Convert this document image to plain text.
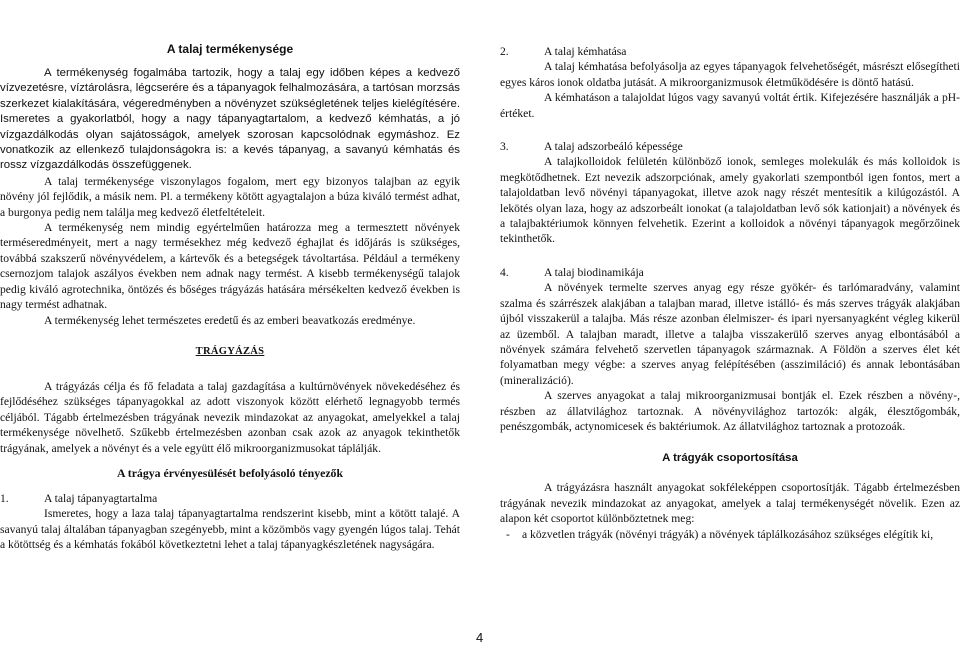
A talaj termékenysége

A termékenység fogalmába tartozik, hogy a talaj egy időben képes a kedvező vízvezetésre, víztárolásra, légcserére és a tápanyagok felhalmozására, a tartósan morzsás szerkezet kialakítására, végeredményben a növényzet szükségletének teljes kielégítésére. Ismeretes a gyakorlatból, hogy a nagy tápanyagtartalom, a kedvező kémhatás, a jó vízgazdálkodás olyan sajátosságok, amelyek szorosan kapcsolódnak egymáshoz. Ez vonatkozik az ellenkező tulajdonságokra is: a kevés tápanyag, a savanyú kémhatás és rossz vízgazdálkodás összefüggenek.

A talaj termékenysége viszonylagos fogalom, mert egy bizonyos talajban az egyik növény jól fejlődik, a másik nem. Pl. a termékeny kötött agyagtalajon a búza kiváló termést adhat, a burgonya pedig nem találja meg kedvező életfeltételeit.

A termékenység nem mindig egyértelműen határozza meg a termesztett növények terméseredményeit, mert a nagy termésekhez még kedvező éghajlat és időjárás is szükséges, továbbá szakszerű növényvédelem, a kártevők és a betegségek távoltartása. Például a termékeny csernozjom talajok aszályos években nem adnak nagy termést. A kisebb termékenységű talajok pedig kiváló agrotechnika, öntözés és bőséges trágyázás hatására mérsékelten kedvező években is nagy termést adhatnak.

A termékenység lehet természetes eredetű és az emberi beavatkozás eredménye.

TRÁGYÁZÁS

A trágyázás célja és fő feladata a talaj gazdagítása a kultúrnövények növekedéséhez és fejlődéséhez szükséges tápanyagokkal az adott viszonyok között elérhető legnagyobb termés céljából. Tágabb értelmezésben trágyának nevezik mindazokat az anyagokat, amelyekkel a talaj termékenysége növelhető. Szűkebb értelmezésben azonban csak azok az anyagok tekinthetők trágyának, amelyek a növényt és a vele együtt élő mikroorganizmusokat táplálják.

A trágya érvényesülését befolyásoló tényezők
1.	A talaj tápanyagtartalma

Ismeretes, hogy a laza talaj tápanyagtartalma rendszerint kisebb, mint a kötött talajé. A savanyú talaj általában tápanyagban szegényebb, mint a közömbös vagy gyengén lúgos talaj. Tehát a kötöttség és a kémhatás fokából következtetni lehet a talaj tápanyagkészletének nagyságára.

2.	A talaj kémhatása

A talaj kémhatása befolyásolja az egyes tápanyagok felvehetőségét, másrészt elősegítheti egyes káros ionok oldatba jutását. A mikroorganizmusok életműködésére is döntő hatású.

A kémhatáson a talajoldat lúgos vagy savanyú voltát értik. Kifejezésére használják a pH-értéket.

3.	A talaj adszorbeáló képessége

A talajkolloidok felületén különböző ionok, semleges molekulák és más kolloidok is megkötődhetnek. Ezt nevezik adszorpciónak, amely gyakorlati szempontból igen fontos, mert a talajoldatban levő növényi tápanyagokat, illetve azok nagy részét mentesítik a kilúgozástól. A lekötés olyan laza, hogy az adszorbeált ionokat (a talajoldatban levő sók kationjait) a növények és a talajbaktériumok könnyen felvehetik. Ezerint a kolloidok a növényi tápanyagok megőrzőinek tekinthetők.

4.	A talaj biodinamikája

A növények termelte szerves anyag egy része gyökér- és tarlómaradvány, valamint szalma és szárrészek alakjában a talajban marad, illetve istálló- és más szerves trágyák alakjában újból visszakerül a talajba. Más része azonban élelmiszer- és ipari nyersanyagként végleg kikerül az üzemből. A talajban maradt, illetve a talajba visszakerülő szerves anyag elbontásából a növények számára felvehető szervetlen tápanyagok származnak. A Földön a szerves élet két folyamatban megy végbe: a szerves anyag felépítésében (asszimiláció) és annak lebontásában (mineralizáció).

A szerves anyagokat a talaj mikroorganizmusai bontják el. Ezek részben a növény-, részben az állatvilághoz tartoznak. A növényvilághoz tartozók: algák, élesztőgombák, penészgombák, actynomicesek és baktériumok. Az állatvilághoz tartoznak a protozoák.

A trágyák csoportosítása

A trágyázásra használt anyagokat sokféleképpen csoportosítják. Tágabb értelmezésben trágyának nevezik mindazokat az anyagokat, amelyek a talaj termékenységét növelik. Ezen az alapon két csoportot különböztetnek meg:

-	a közvetlen trágyák (növényi trágyák) a növények táplálkozásához szükséges elégítik ki,
4
